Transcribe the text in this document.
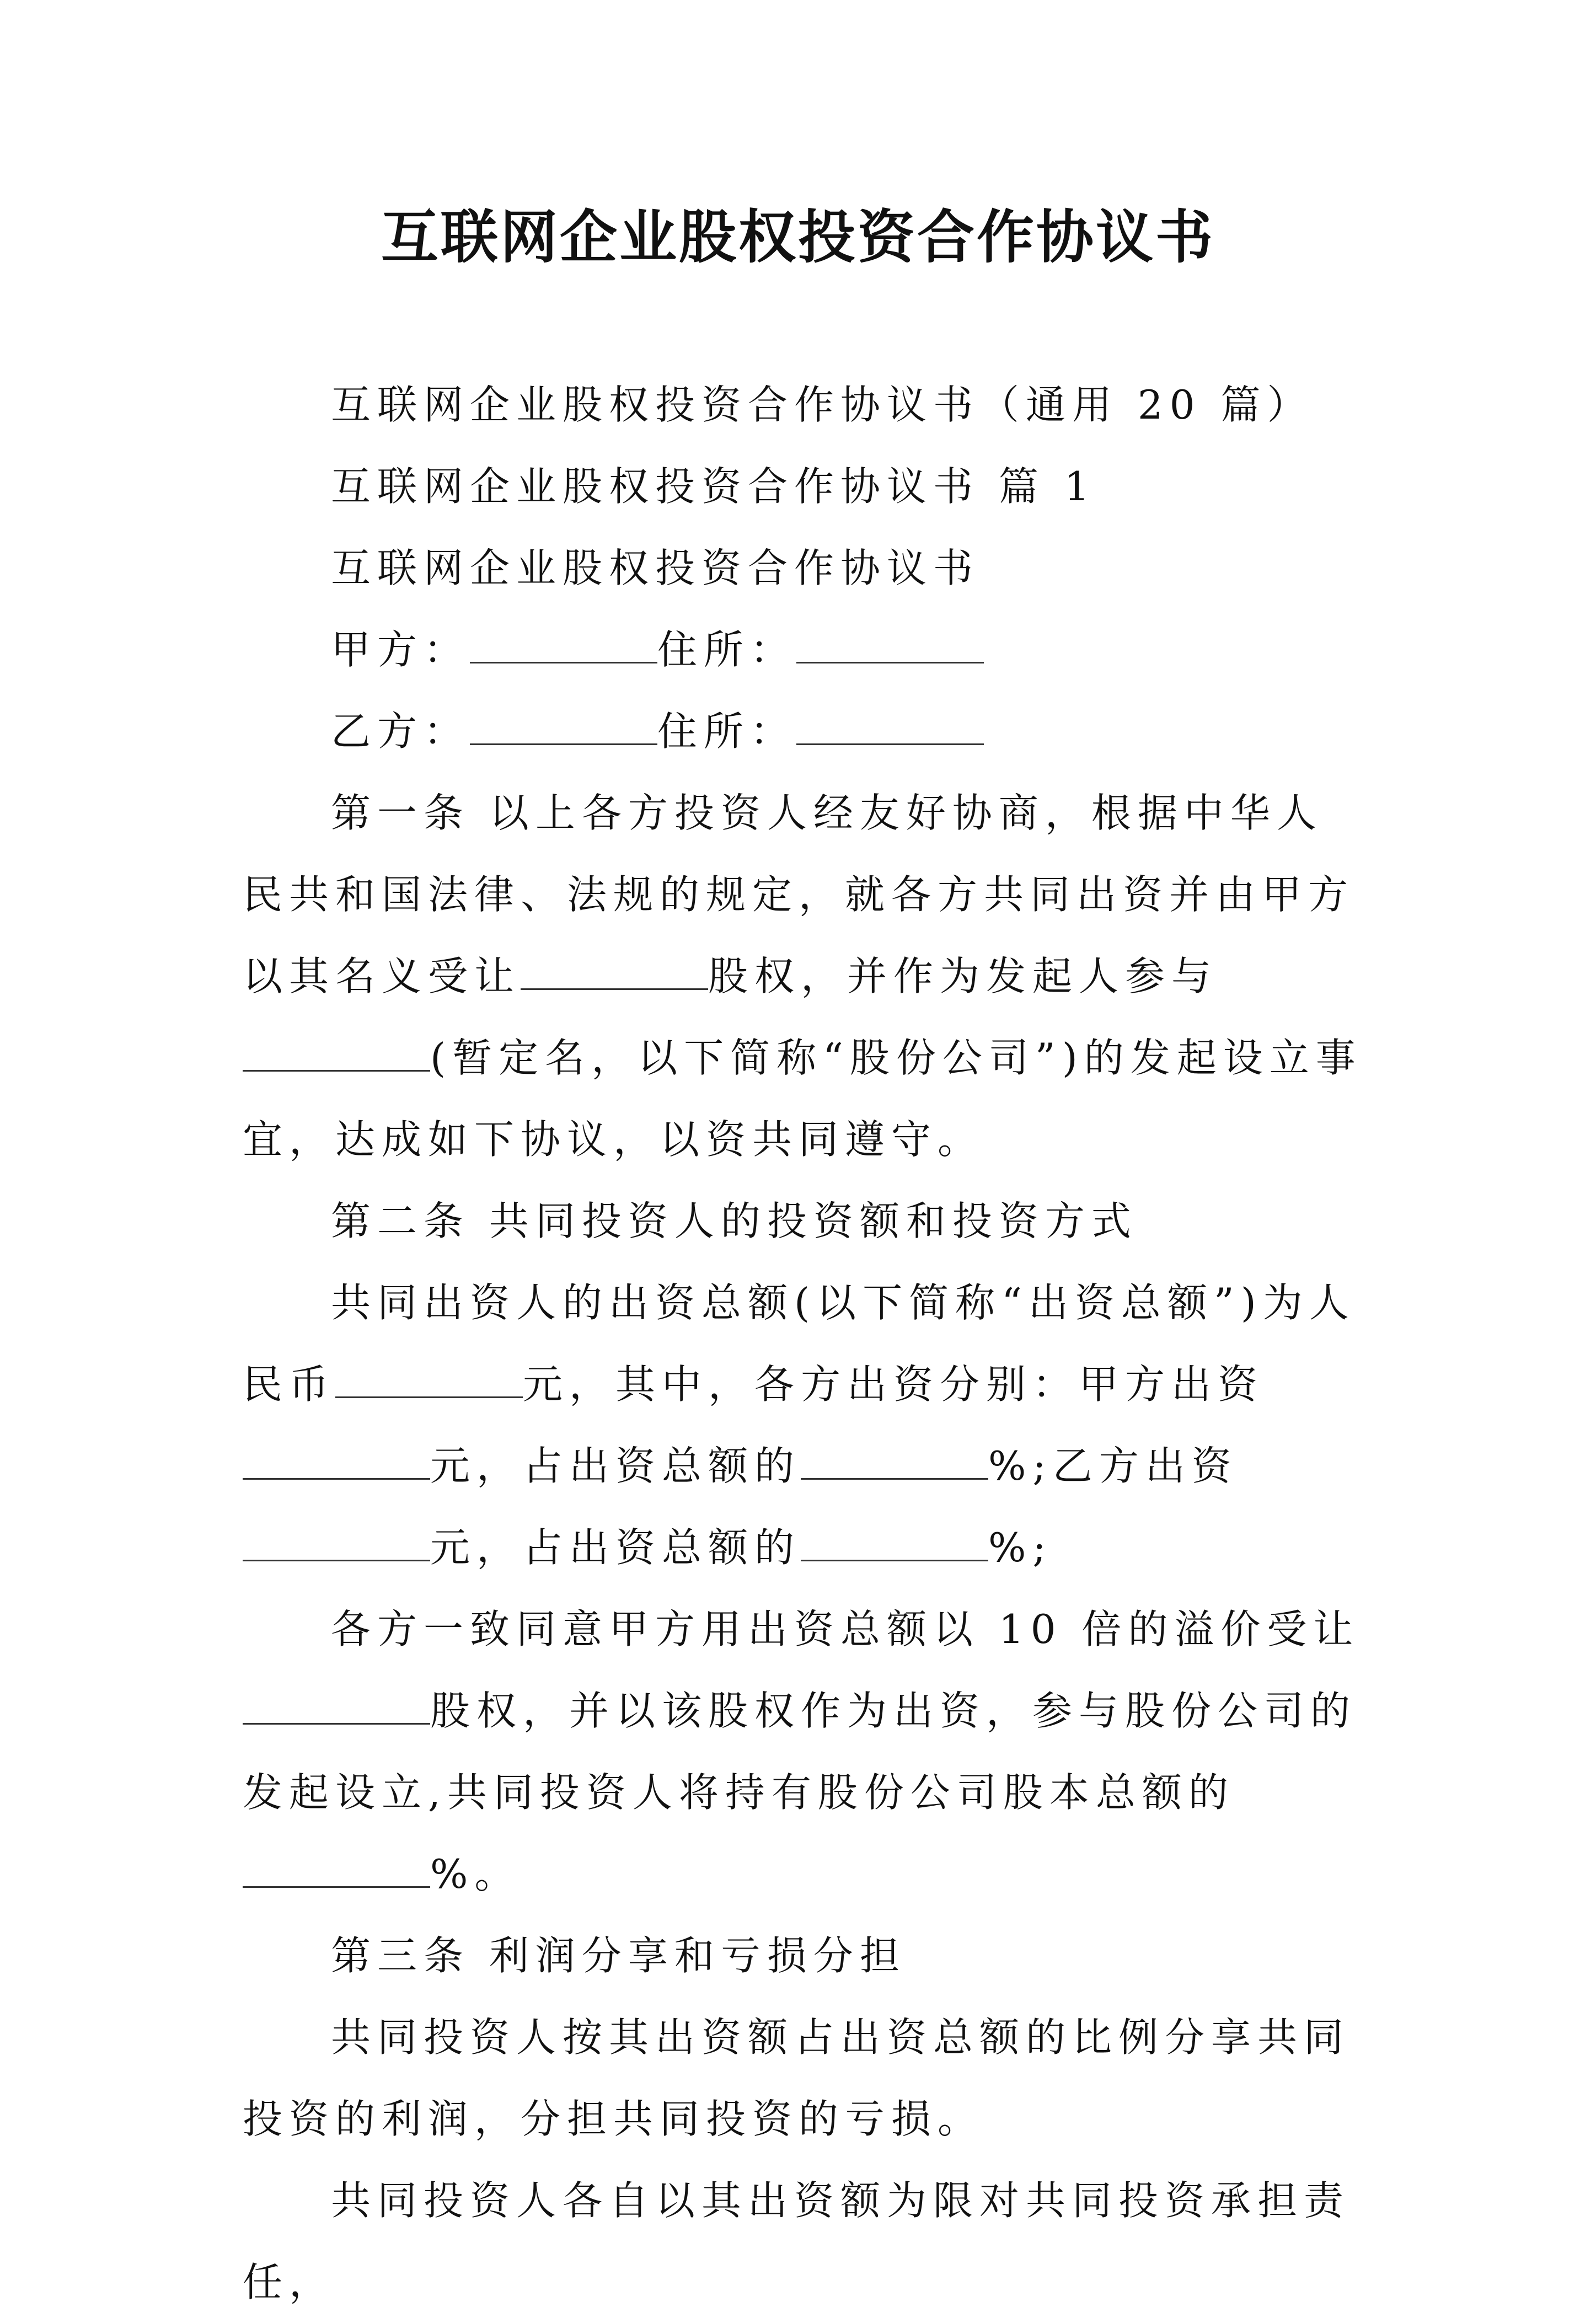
互联网企业股权投资合作协议书

互联网企业股权投资合作协议书（通用 20 篇）

互联网企业股权投资合作协议书 篇 1

互联网企业股权投资合作协议书

甲方：	住所：

乙方：	住所：

第一条 以上各方投资人经友好协商，根据中华人民共和国法律、法规的规定，就各方共同出资并由甲方以其名义受让	股权，并作为发起人参与(暂定名，以下简称“股份公司”)的发起设立事宜，达成如下协议，以资共同遵守。

第二条 共同投资人的投资额和投资方式

共同出资人的出资总额(以下简称“出资总额”)为人民币	元，其中，各方出资分别：甲方出资元，占出资总额的	%;乙方出资元，占出资总额的	%;

各方一致同意甲方用出资总额以 10 倍的溢价受让股权，并以该股权作为出资，参与股份公司的发起设立,共同投资人将持有股份公司股本总额的%。

第三条 利润分享和亏损分担

共同投资人按其出资额占出资总额的比例分享共同投资的利润，分担共同投资的亏损。

共同投资人各自以其出资额为限对共同投资承担责任，
